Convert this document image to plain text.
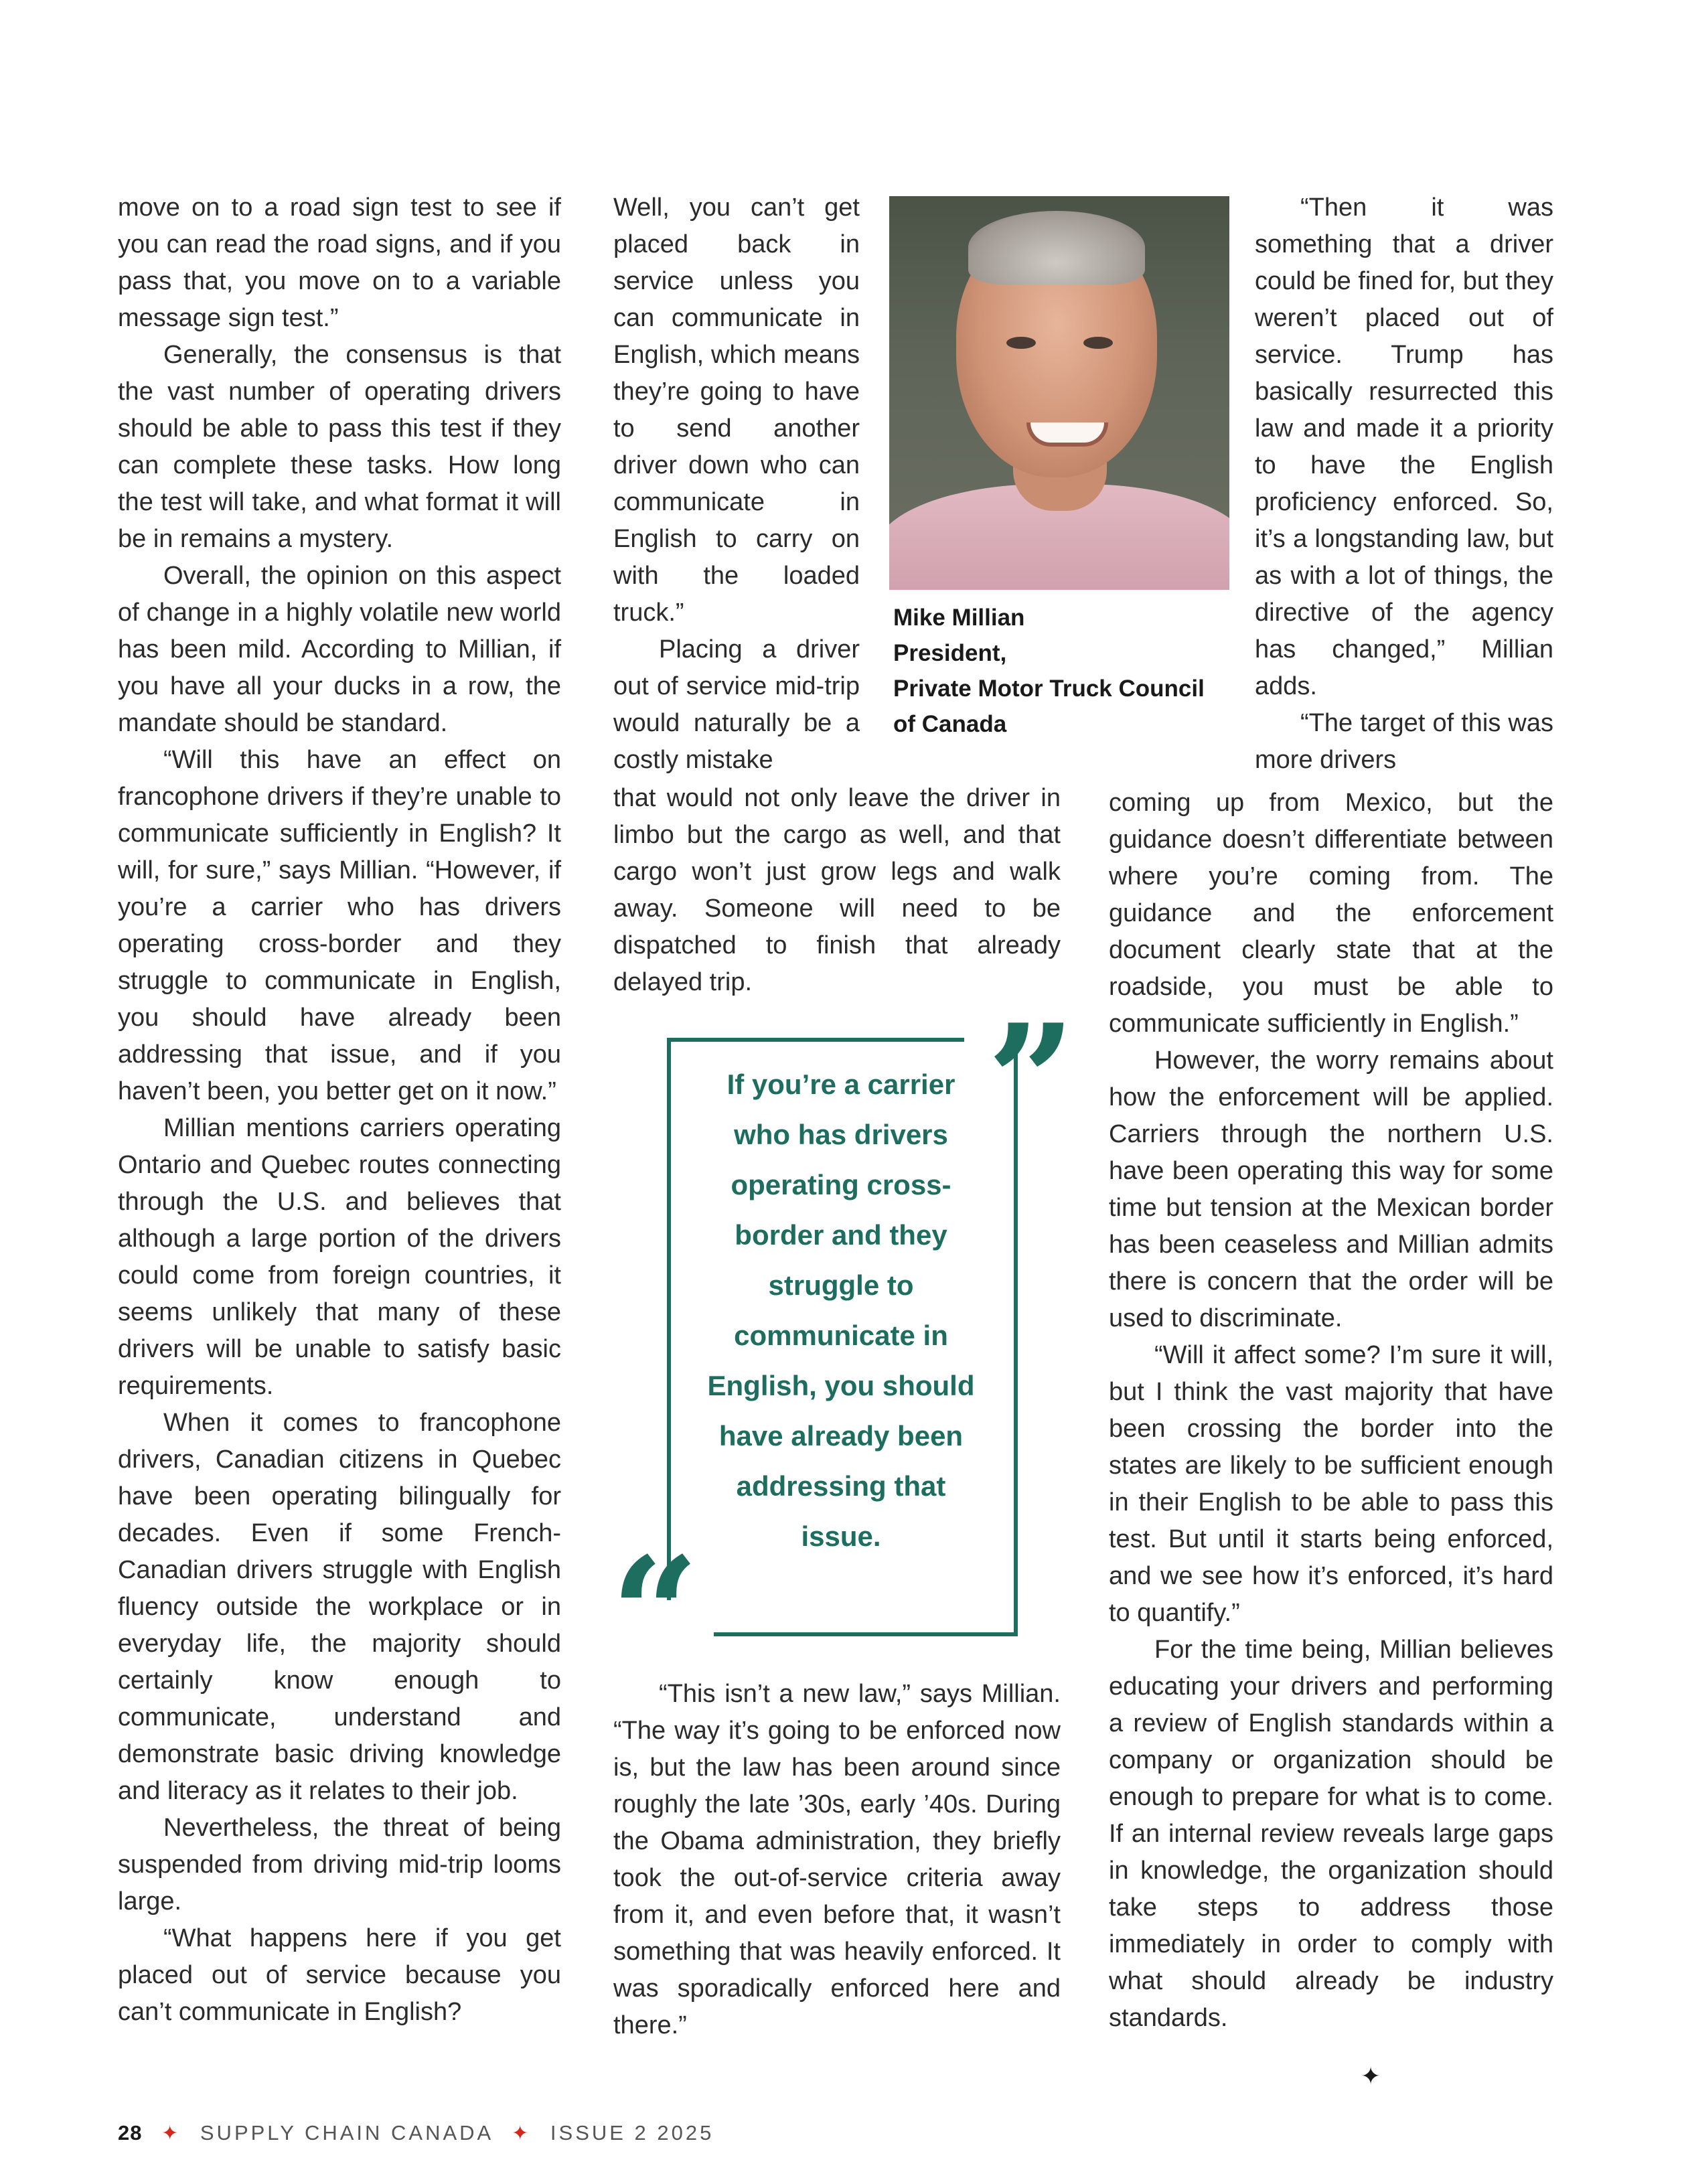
move on to a road sign test to see if you can read the road signs, and if you pass that, you move on to a variable message sign test.”

Generally, the consensus is that the vast number of operating drivers should be able to pass this test if they can complete these tasks. How long the test will take, and what format it will be in remains a mystery.

Overall, the opinion on this aspect of change in a highly volatile new world has been mild. According to Millian, if you have all your ducks in a row, the mandate should be standard.

“Will this have an effect on francophone drivers if they’re unable to communicate sufficiently in English? It will, for sure,” says Millian. “However, if you’re a carrier who has drivers operating cross-border and they struggle to communicate in English, you should have already been addressing that issue, and if you haven’t been, you better get on it now.”

Millian mentions carriers operating Ontario and Quebec routes connecting through the U.S. and believes that although a large portion of the drivers could come from foreign countries, it seems unlikely that many of these drivers will be unable to satisfy basic requirements.

When it comes to francophone drivers, Canadian citizens in Quebec have been operating bilingually for decades. Even if some French-Canadian drivers struggle with English fluency outside the workplace or in everyday life, the majority should certainly know enough to communicate, understand and demonstrate basic driving knowledge and literacy as it relates to their job.

Nevertheless, the threat of being suspended from driving mid-trip looms large.

“What happens here if you get placed out of service because you can’t communicate in English?

Well, you can’t get placed back in service unless you can communicate in English, which means they’re going to have to send another driver down who can communicate in English to carry on with the loaded truck.”

Placing a driver out of service mid-trip would naturally be a costly mistake

that would not only leave the driver in limbo but the cargo as well, and that cargo won’t just grow legs and walk away. Someone will need to be dispatched to finish that already delayed trip.

“This isn’t a new law,” says Millian. “The way it’s going to be enforced now is, but the law has been around since roughly the late ’30s, early ’40s. During the Obama administration, they briefly took the out-of-service criteria away from it, and even before that, it wasn’t something that was heavily enforced. It was sporadically enforced here and there.”

Mike Millian
President,
Private Motor Truck Council
of Canada

“Then it was something that a driver could be fined for, but they weren’t placed out of service. Trump has basically resurrected this law and made it a priority to have the English proficiency enforced. So, it’s a longstanding law, but as with a lot of things, the directive of the agency has changed,” Millian adds.

“The target of this was more drivers

coming up from Mexico, but the guidance doesn’t differentiate between where you’re coming from. The guidance and the enforcement document clearly state that at the roadside, you must be able to communicate sufficiently in English.”

However, the worry remains about how the enforcement will be applied. Carriers through the northern U.S. have been operating this way for some time but tension at the Mexican border has been ceaseless and Millian admits there is concern that the order will be used to discriminate.

“Will it affect some? I’m sure it will, but I think the vast majority that have been crossing the border into the states are likely to be sufficient enough in their English to be able to pass this test. But until it starts being enforced, and we see how it’s enforced, it’s hard to quantify.”

For the time being, Millian believes educating your drivers and performing a review of English standards within a company or organization should be enough to prepare for what is to come. If an internal review reveals large gaps in knowledge, the organization should take steps to address those immediately in order to comply with what should already be industry standards.

”
“
If you’re a carrier who has drivers operating cross-border and they struggle to communicate in English, you should have already been addressing that issue.
✦
28 ✦ SUPPLY CHAIN CANADA ✦ ISSUE 2 2025
